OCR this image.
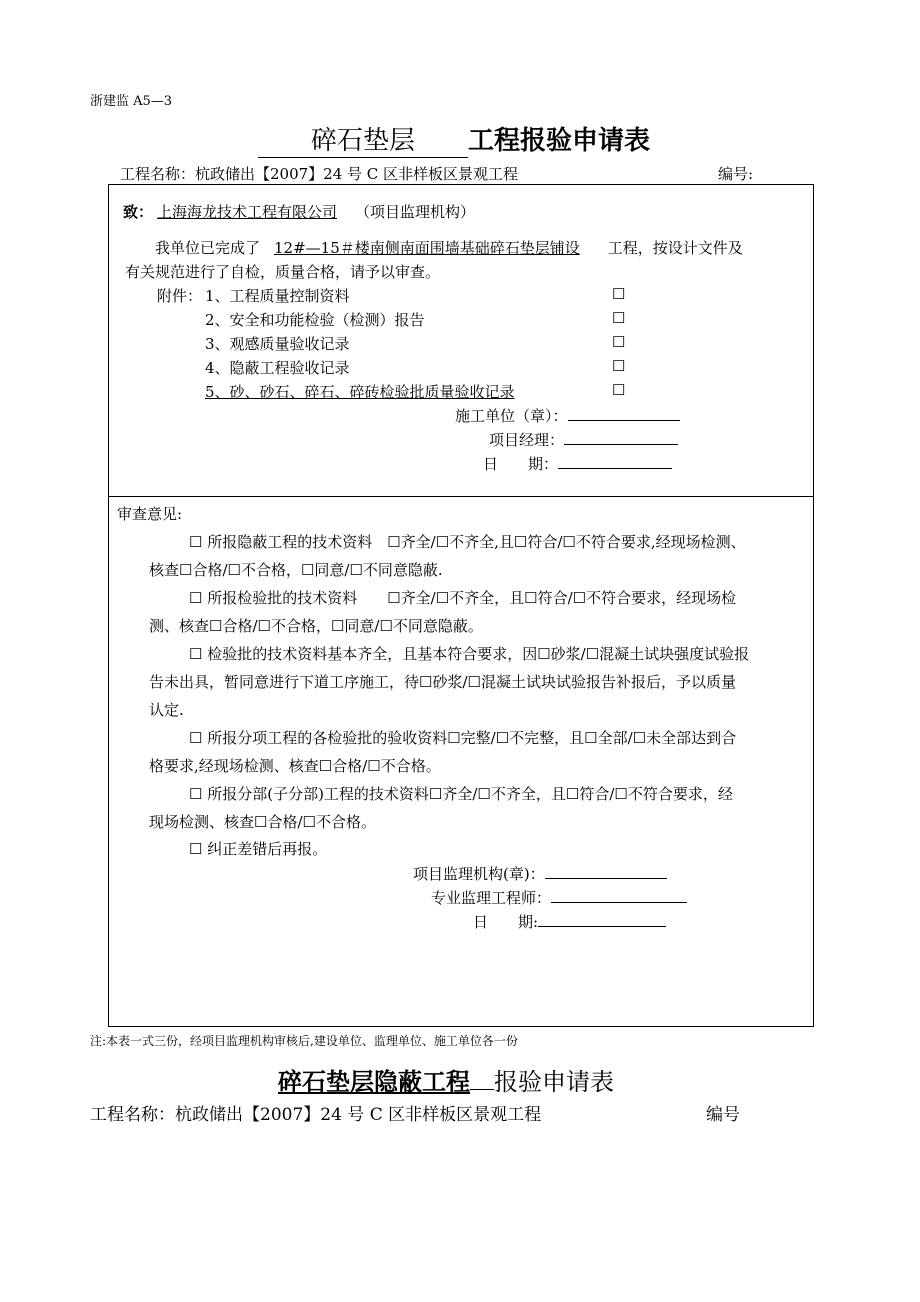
浙建监 A5—3
碎石垫层 工程报验申请表
工程名称：杭政储出【2007】24 号 C 区非样板区景观工程	编号:
致： 上海海龙技术工程有限公司 （项目监理机构）
我单位已完成了 12#—15＃楼南侧南面围墙基础碎石垫层铺设 工程，按设计文件及
有关规范进行了自检，质量合格，请予以审查。
附件： 1、工程质量控制资料
2、安全和功能检验（检测）报告
3、观感质量验收记录
4、隐蔽工程验收记录
5、砂、砂石、碎石、碎砖检验批质量验收记录
☐
☐
☐
☐
☐
施工单位（章）：
项目经理：
日　　期：
审查意见:
☐ 所报隐蔽工程的技术资料　☐齐全/☐不齐全,且☐符合/☐不符合要求,经现场检测、
核查☐合格/☐不合格，☐同意/☐不同意隐蔽.
☐ 所报检验批的技术资料　　☐齐全/☐不齐全，且☐符合/☐不符合要求，经现场检
测、核查☐合格/☐不合格，☐同意/☐不同意隐蔽。
☐ 检验批的技术资料基本齐全，且基本符合要求，因☐砂浆/☐混凝土试块强度试验报
告未出具，暂同意进行下道工序施工，待☐砂浆/☐混凝土试块试验报告补报后，予以质量
认定.
☐ 所报分项工程的各检验批的验收资料☐完整/☐不完整，且☐全部/☐未全部达到合
格要求,经现场检测、核查☐合格/☐不合格。
☐ 所报分部(子分部)工程的技术资料☐齐全/☐不齐全，且☐符合/☐不符合要求，经
现场检测、核查☐合格/☐不合格。
☐ 纠正差错后再报。
项目监理机构(章)：
专业监理工程师：
日　　期:
注:本表一式三份，经项目监理机构审核后,建设单位、监理单位、施工单位各一份
碎石垫层隐蔽工程 报验申请表
工程名称：杭政储出【2007】24 号 C 区非样板区景观工程	编号
